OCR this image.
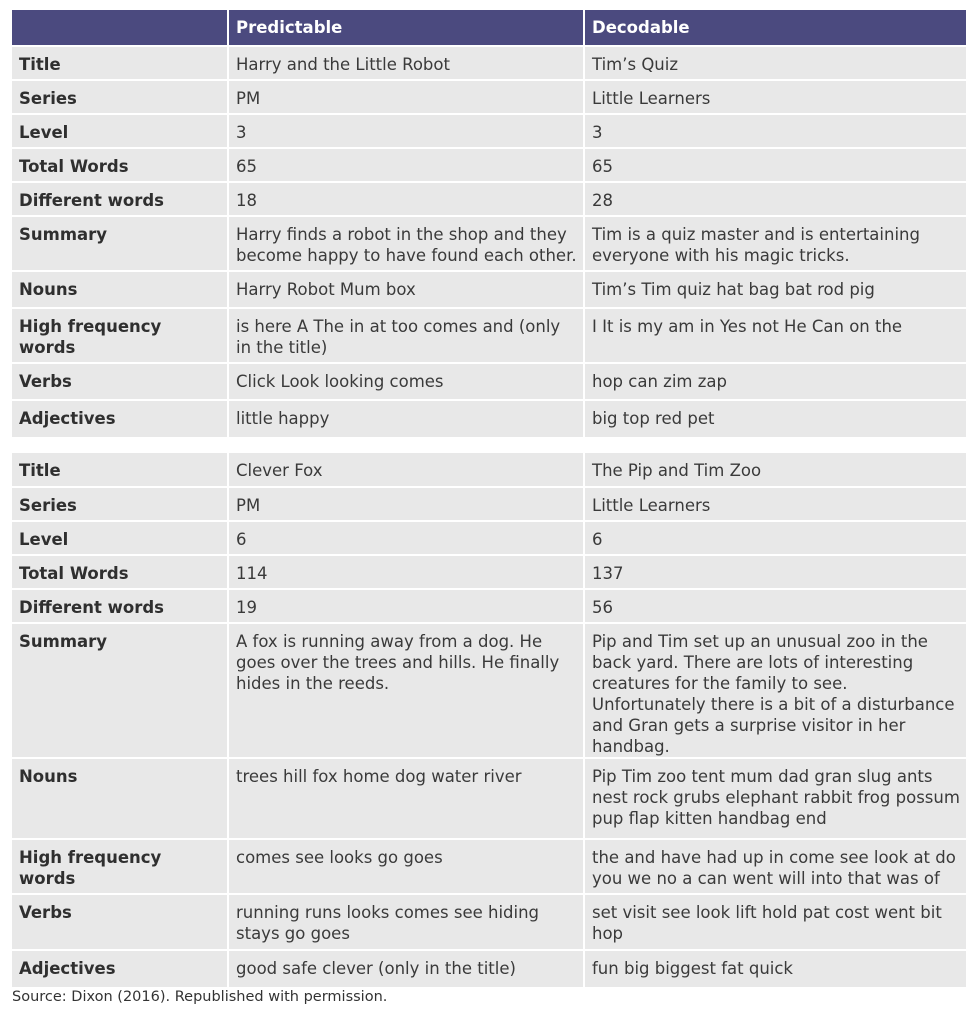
	Predictable	Decodable
Title	Harry and the Little Robot	Tim’s Quiz
Series	PM	Little Learners
Level	3	3
Total Words	65	65
Different words	18	28
Summary	Harry finds a robot in the shop and they become happy to have found each other.	Tim is a quiz master and is entertaining everyone with his magic tricks.
Nouns	Harry Robot Mum box	Tim’s Tim quiz hat bag bat rod pig
High frequency words	is here A The in at too comes and (only in the title)	I It is my am in Yes not He Can on the
Verbs	Click Look looking comes	hop can zim zap
Adjectives	little happy	big top red pet

Title	Clever Fox	The Pip and Tim Zoo
Series	PM	Little Learners
Level	6	6
Total Words	114	137
Different words	19	56
Summary	A fox is running away from a dog. He goes over the trees and hills. He finally hides in the reeds.	Pip and Tim set up an unusual zoo in the back yard. There are lots of interesting creatures for the family to see. Unfortunately there is a bit of a disturbance and Gran gets a surprise visitor in her handbag.
Nouns	trees hill fox home dog water river	Pip Tim zoo tent mum dad gran slug ants nest rock grubs elephant rabbit frog possum pup flap kitten handbag end
High frequency words	comes see looks go goes	the and have had up in come see look at do you we no a can went will into that was of
Verbs	running runs looks comes see hiding stays go goes	set visit see look lift hold pat cost went bit hop
Adjectives	good safe clever (only in the title)	fun big biggest fat quick
Source: Dixon (2016). Republished with permission.
